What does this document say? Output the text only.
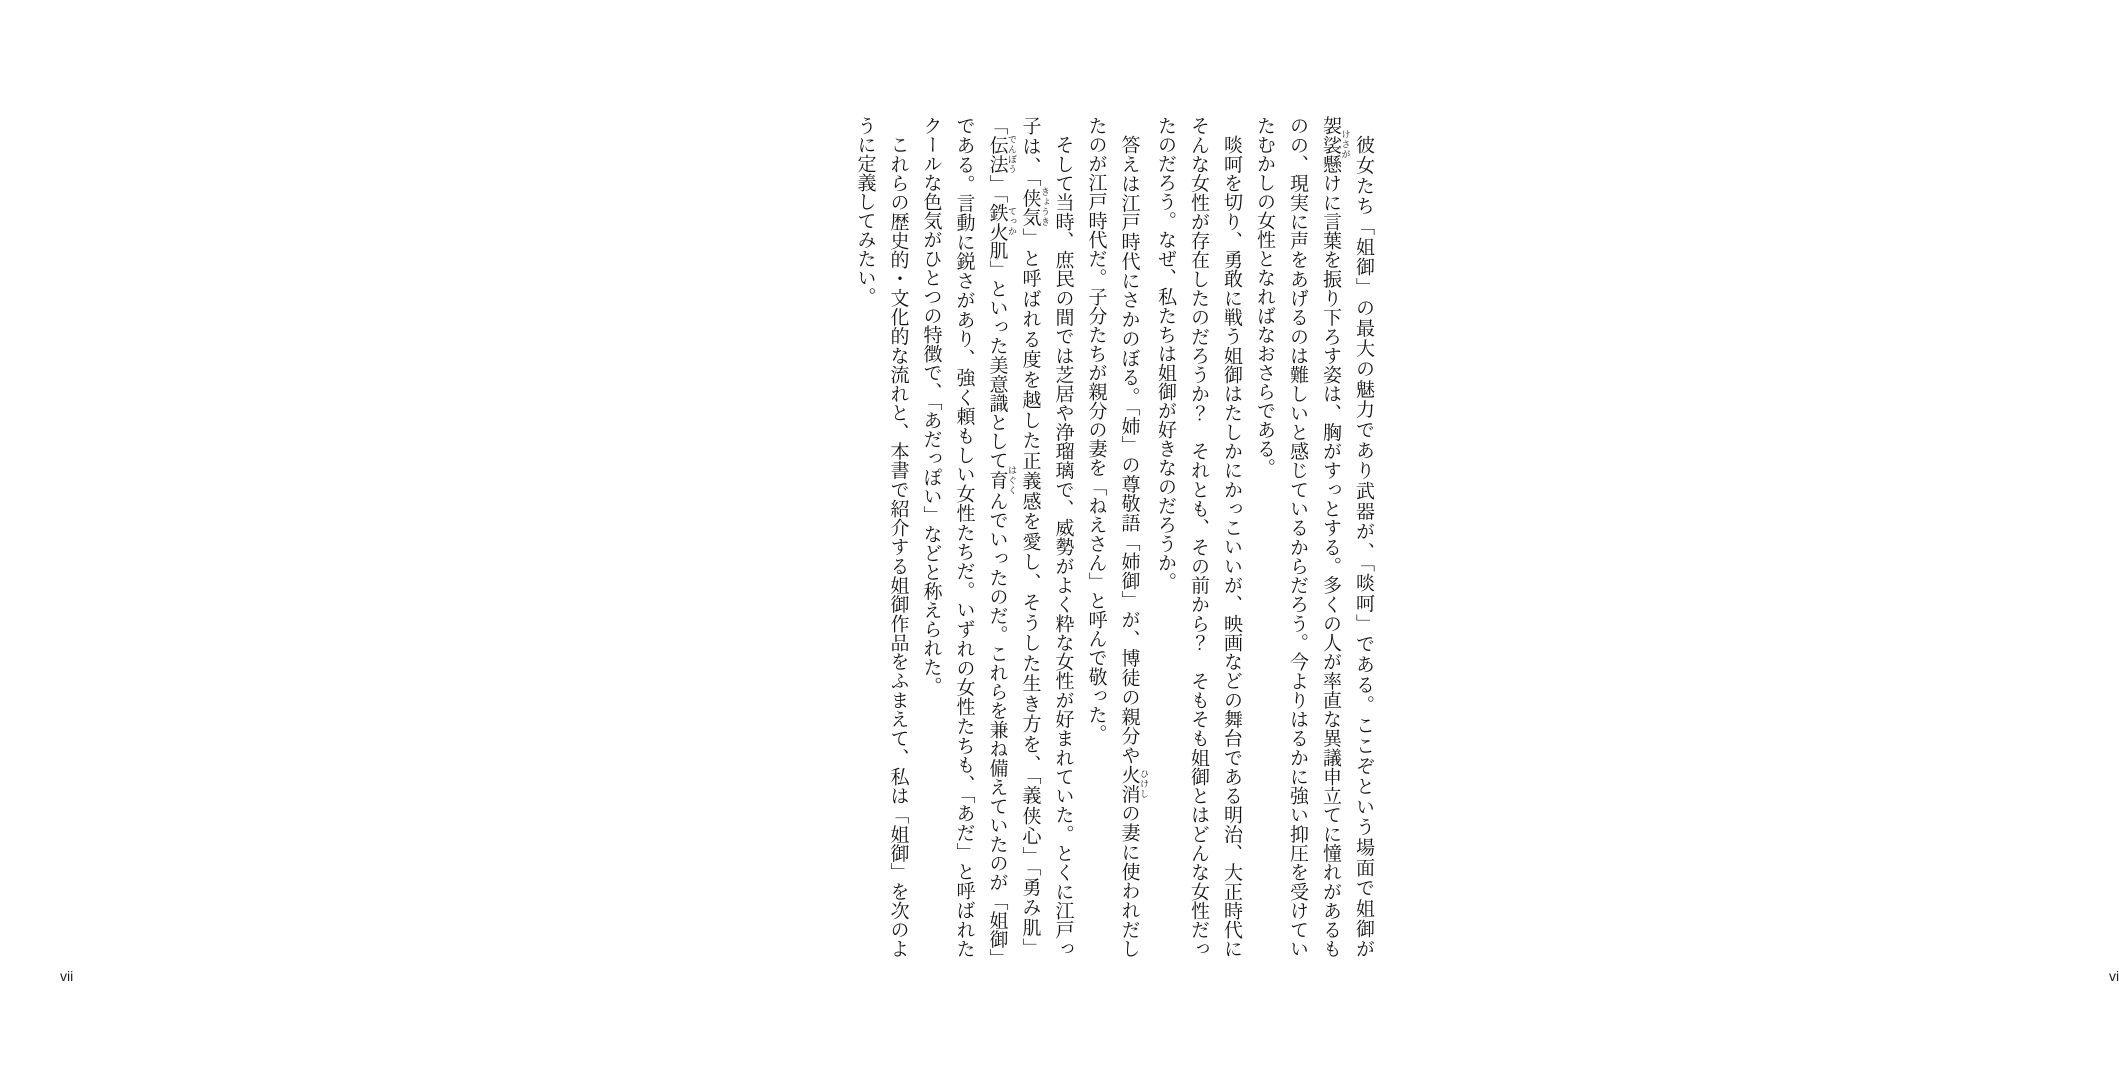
vii

彼女たち「姐御」の最大の魅力であり武器が、「啖呵」である。ここぞという場面で姐御が袈裟懸 けさがけに言葉を振り下ろす姿は、胸がすっとする。多くの人が率直な異議申立てに憧れがあるものの、現実に声をあげるのは難しいと感じているからだろう。今よりはるかに強い抑圧を受けていたむかしの女性となればなおさらである。

啖呵を切り、勇敢に戦う姐御はたしかにかっこいいが、映画などの舞台である明治、大正時代にそんな女性が存在したのだろうか？　それとも、その前から？　そもそも姐御とはどんな女性だったのだろう。なぜ、私たちは姐御が好きなのだろうか。

答えは江戸時代にさかのぼる。「姉」の尊敬語「姉御」が、博徒の親分や火消 ひけしの妻に使われだしたのが江戸時代だ。子分たちが親分の妻を「ねえさん」と呼んで敬った。

そして当時、庶民の間では芝居や浄瑠璃で、威勢がよく粋な女性が好まれていた。とくに江戸っ子は、「侠気 きょうき」と呼ばれる度を越した正義感を愛し、そうした生き方を、「義侠心」「勇み肌」「伝法 でんぼう」「鉄火 てっか肌」といった美意識として育 はぐくんでいったのだ。これらを兼ね備えていたのが「姐御」である。言動に鋭さがあり、強く頼もしい女性たちだ。いずれの女性たちも、「あだ」と呼ばれたクールな色気がひとつの特徴で、「あだっぽい」などと称えられた。

これらの歴史的・文化的な流れと、本書で紹介する姐御作品をふまえて、私は「姐御」を次のように定義してみたい。

vi
